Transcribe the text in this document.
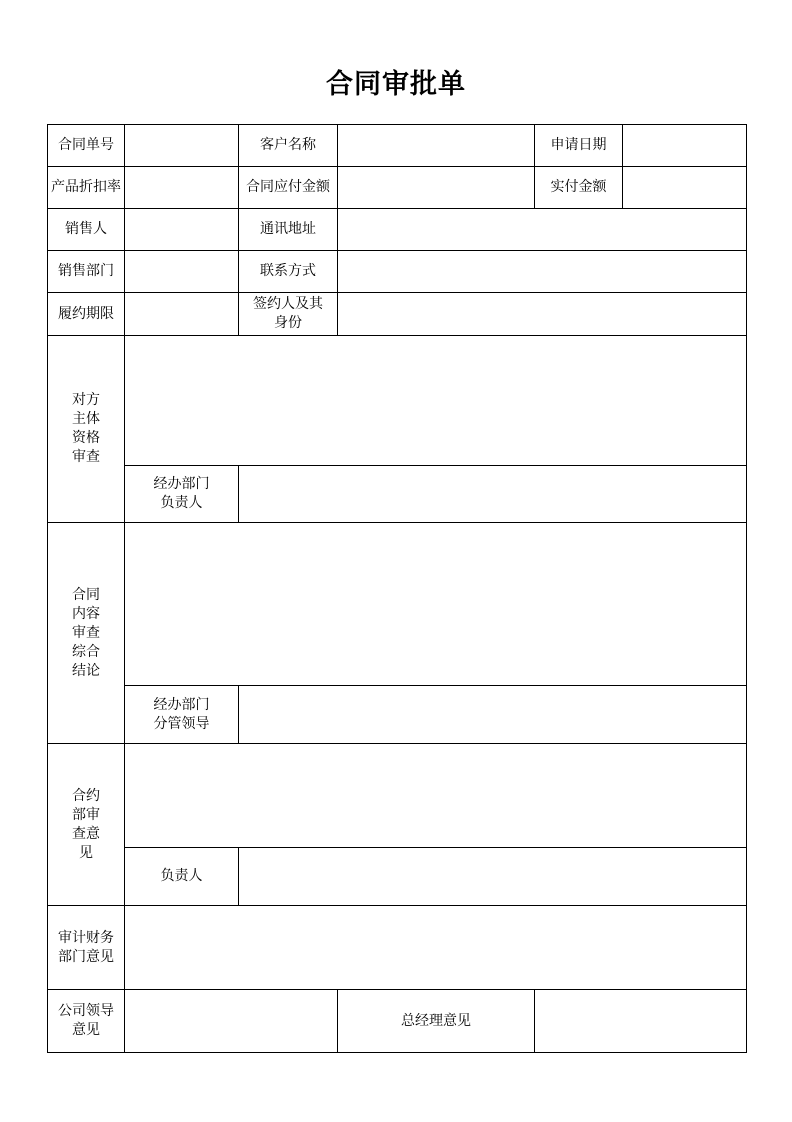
合同审批单
合同单号		客户名称		申请日期	
产品折扣率		合同应付金额		实付金额	
销售人		通讯地址			
销售部门		联系方式			
履约期限		签约人及其
身份			

对方
主体
资格
审查					

	经办部门
负责人				

合同
内容
审查
综合
结论					

	经办部门
分管领导				

合约
部审
查意
见					

	负责人				

审计财务
部门意见					

公司领导
意见			总经理意见		
